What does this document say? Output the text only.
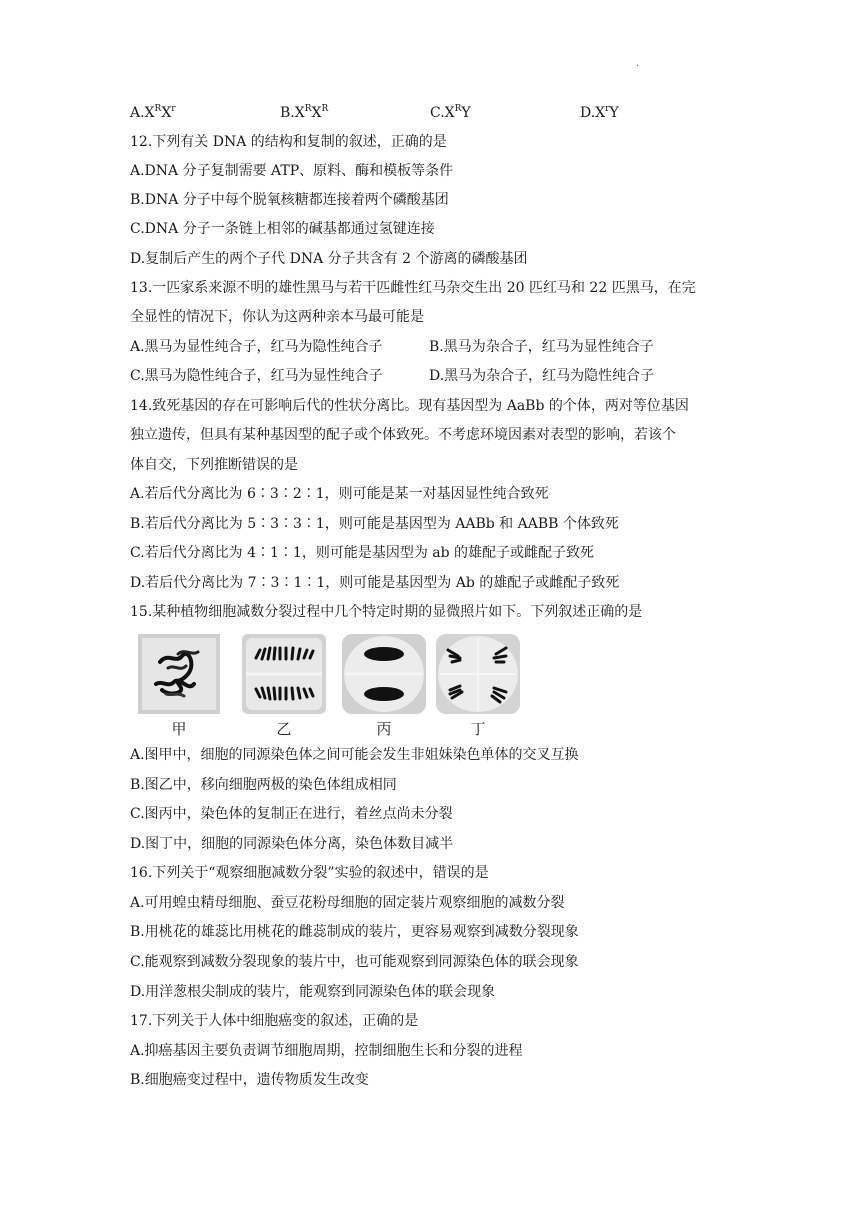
.
$A.X^RX^r$	$B.X^RX^R$	$C.X^RY$	$D.X^rY$
12.下列有关 DNA 的结构和复制的叙述，正确的是
A.DNA 分子复制需要 ATP、原料、酶和模板等条件
B.DNA 分子中每个脱氧核糖都连接着两个磷酸基团
C.DNA 分子一条链上相邻的碱基都通过氢键连接
D.复制后产生的两个子代 DNA 分子共含有 2 个游离的磷酸基团
13.一匹家系来源不明的雄性黑马与若干匹雌性红马杂交生出 20 匹红马和 22 匹黑马，在完
全显性的情况下，你认为这两种亲本马最可能是
A.黑马为显性纯合子，红马为隐性纯合子	B.黑马为杂合子，红马为显性纯合子
C.黑马为隐性纯合子，红马为显性纯合子	D.黑马为杂合子，红马为隐性纯合子
14.致死基因的存在可影响后代的性状分离比。现有基因型为 AaBb 的个体，两对等位基因
独立遗传，但具有某种基因型的配子或个体致死。不考虑环境因素对表型的影响，若该个
体自交，下列推断错误的是
A.若后代分离比为 6∶3∶2∶1，则可能是某一对基因显性纯合致死
B.若后代分离比为 5∶3∶3∶1，则可能是基因型为 AABb 和 AABB 个体致死
C.若后代分离比为 4∶1∶1，则可能是基因型为 ab 的雄配子或雌配子致死
D.若后代分离比为 7∶3∶1∶1，则可能是基因型为 Ab 的雄配子或雌配子致死
15.某种植物细胞减数分裂过程中几个特定时期的显微照片如下。下列叙述正确的是
甲	乙	丙	丁
A.图甲中，细胞的同源染色体之间可能会发生非姐妹染色单体的交叉互换
B.图乙中，移向细胞两极的染色体组成相同
C.图丙中，染色体的复制正在进行，着丝点尚未分裂
D.图丁中，细胞的同源染色体分离，染色体数目减半
16.下列关于“观察细胞减数分裂”实验的叙述中，错误的是
A.可用蝗虫精母细胞、蚕豆花粉母细胞的固定装片观察细胞的减数分裂
B.用桃花的雄蕊比用桃花的雌蕊制成的装片，更容易观察到减数分裂现象
C.能观察到减数分裂现象的装片中，也可能观察到同源染色体的联会现象
D.用洋葱根尖制成的装片，能观察到同源染色体的联会现象
17.下列关于人体中细胞癌变的叙述，正确的是
A.抑癌基因主要负责调节细胞周期，控制细胞生长和分裂的进程
B.细胞癌变过程中，遗传物质发生改变
